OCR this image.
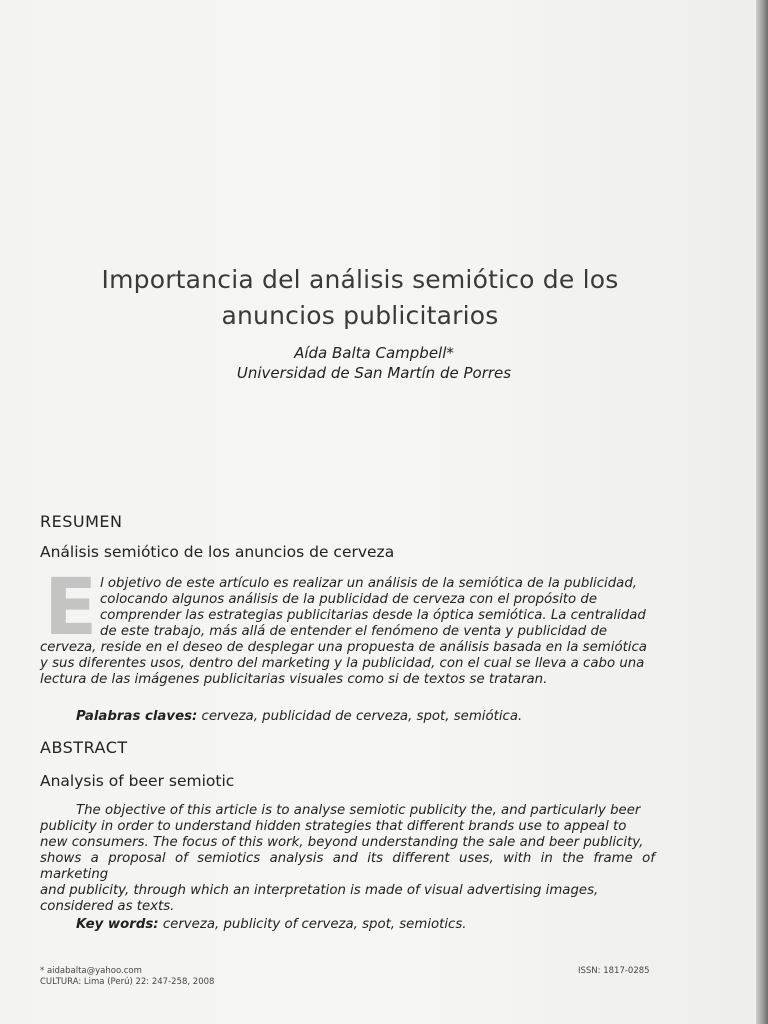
Importancia del análisis semiótico de los
anuncios publicitarios
Aída Balta Campbell*
Universidad de San Martín de Porres
RESUMEN
Análisis semiótico de los anuncios de cerveza
E l objetivo de este artículo es realizar un análisis de la semiótica de la publicidad,
colocando algunos análisis de la publicidad de cerveza con el propósito de
comprender las estrategias publicitarias desde la óptica semiótica. La centralidad
de este trabajo, más allá de entender el fenómeno de venta y publicidad de
cerveza, reside en el deseo de desplegar una propuesta de análisis basada en la semiótica
y sus diferentes usos, dentro del marketing y la publicidad, con el cual se lleva a cabo una
lectura de las imágenes publicitarias visuales como si de textos se trataran.
Palabras claves: cerveza, publicidad de cerveza, spot, semiótica.
ABSTRACT
Analysis of beer semiotic
The objective of this article is to analyse semiotic publicity the, and particularly beer
publicity in order to understand hidden strategies that different brands use to appeal to
new consumers. The focus of this work, beyond understanding the sale and beer publicity,
shows a proposal of semiotics analysis and its different uses, with in the frame of marketing
and publicity, through which an interpretation is made of visual advertising images,
considered as texts.
Key words: cerveza, publicity of cerveza, spot, semiotics.
* aidabalta@yahoo.com
CULTURA: Lima (Perú) 22: 247-258, 2008
ISSN: 1817-0285
